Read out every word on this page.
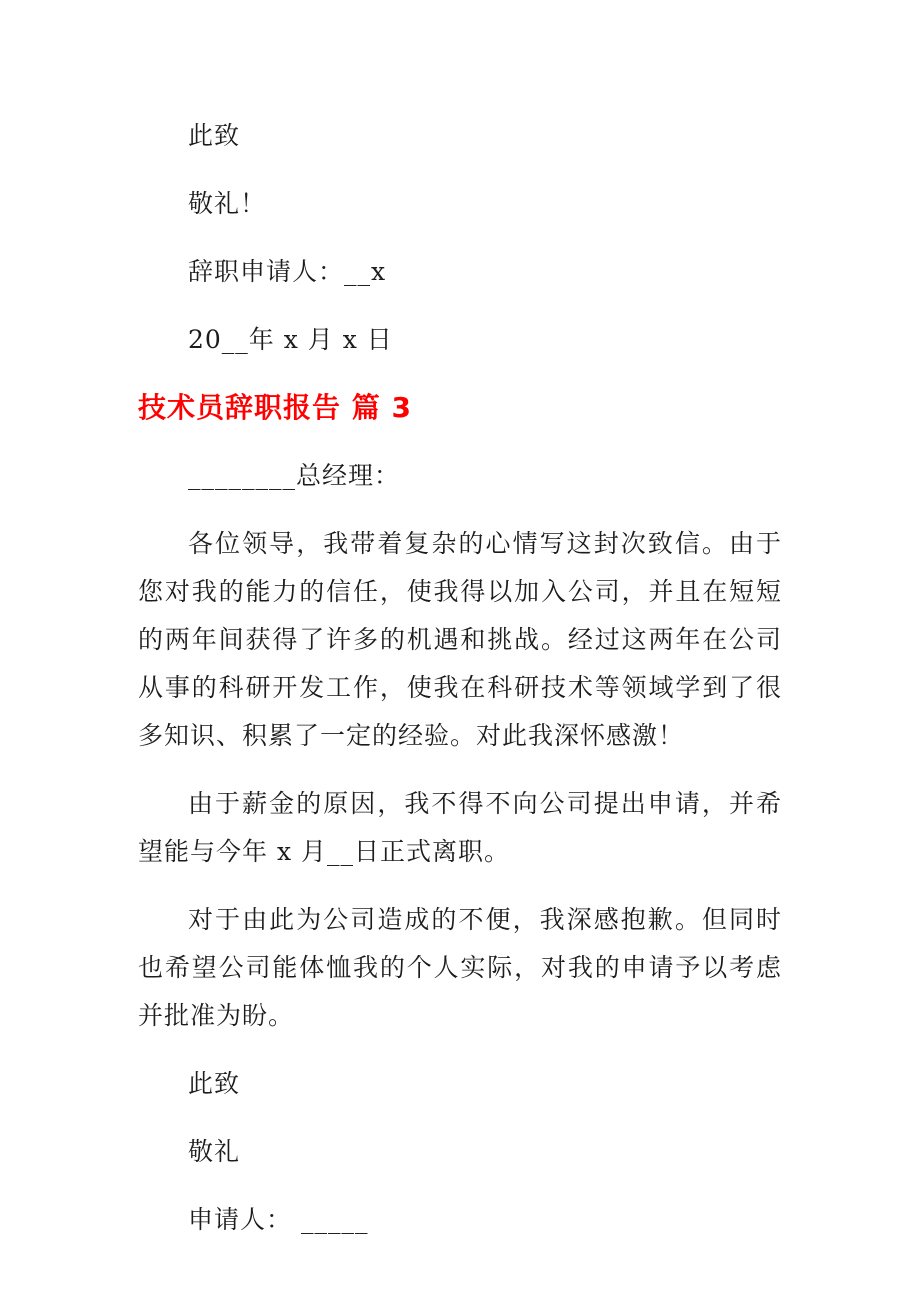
此致

敬礼！

辞职申请人：__x

20__年 x 月 x 日

技术员辞职报告 篇 3

________总经理：

各位领导，我带着复杂的心情写这封次致信。由于您对我的能力的信任，使我得以加入公司，并且在短短的两年间获得了许多的机遇和挑战。经过这两年在公司从事的科研开发工作，使我在科研技术等领域学到了很多知识、积累了一定的经验。对此我深怀感激！

由于薪金的原因，我不得不向公司提出申请，并希望能与今年 x 月__日正式离职。

对于由此为公司造成的不便，我深感抱歉。但同时也希望公司能体恤我的个人实际，对我的申请予以考虑并批准为盼。

此致

敬礼

申请人： _____
